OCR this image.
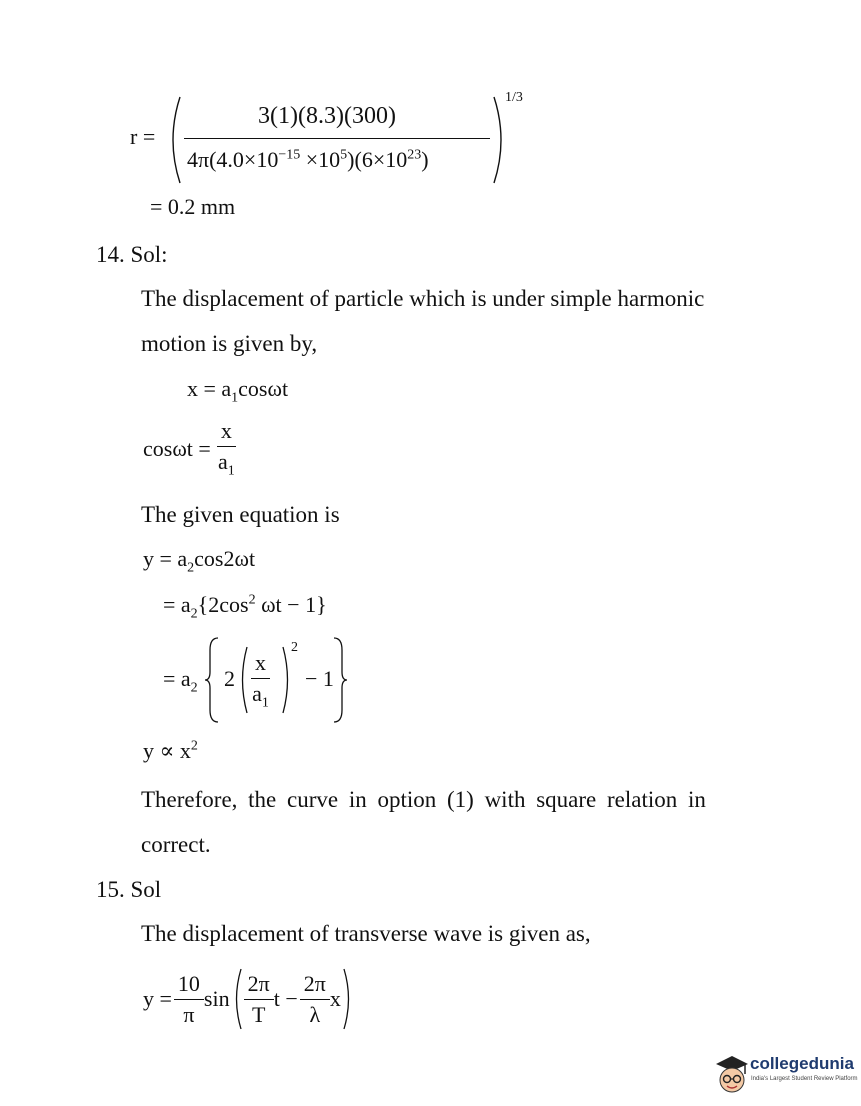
r =
3(1)(8.3)(300)
$4\pi(4.0\times 10^{-15} \times 10^5)(6\times 10^{23})$
1/3
= 0.2 mm
14. Sol:
The displacement of particle which is under simple harmonic
motion is given by,
$x = a_1\cos\omega t$
$\cos\omega t = \frac{x}{a_1}$
The given equation is
$y = a_2\cos 2\omega t$
= $a_2\{2\cos^2$ ωt − 1}
= $a_2$ $2 \frac{x}{a_1}$
2
− 1
$y \propto x^2$
Therefore, the curve in option (1) with square relation in
correct.
15. Sol
The displacement of transverse wave is given as,
$y = \frac{10}{\pi}$ $\sin \frac{2\pi}{T}$ $t - \frac{2\pi}{\lambda}$ x
collegedunia
India's Largest Student Review Platform
